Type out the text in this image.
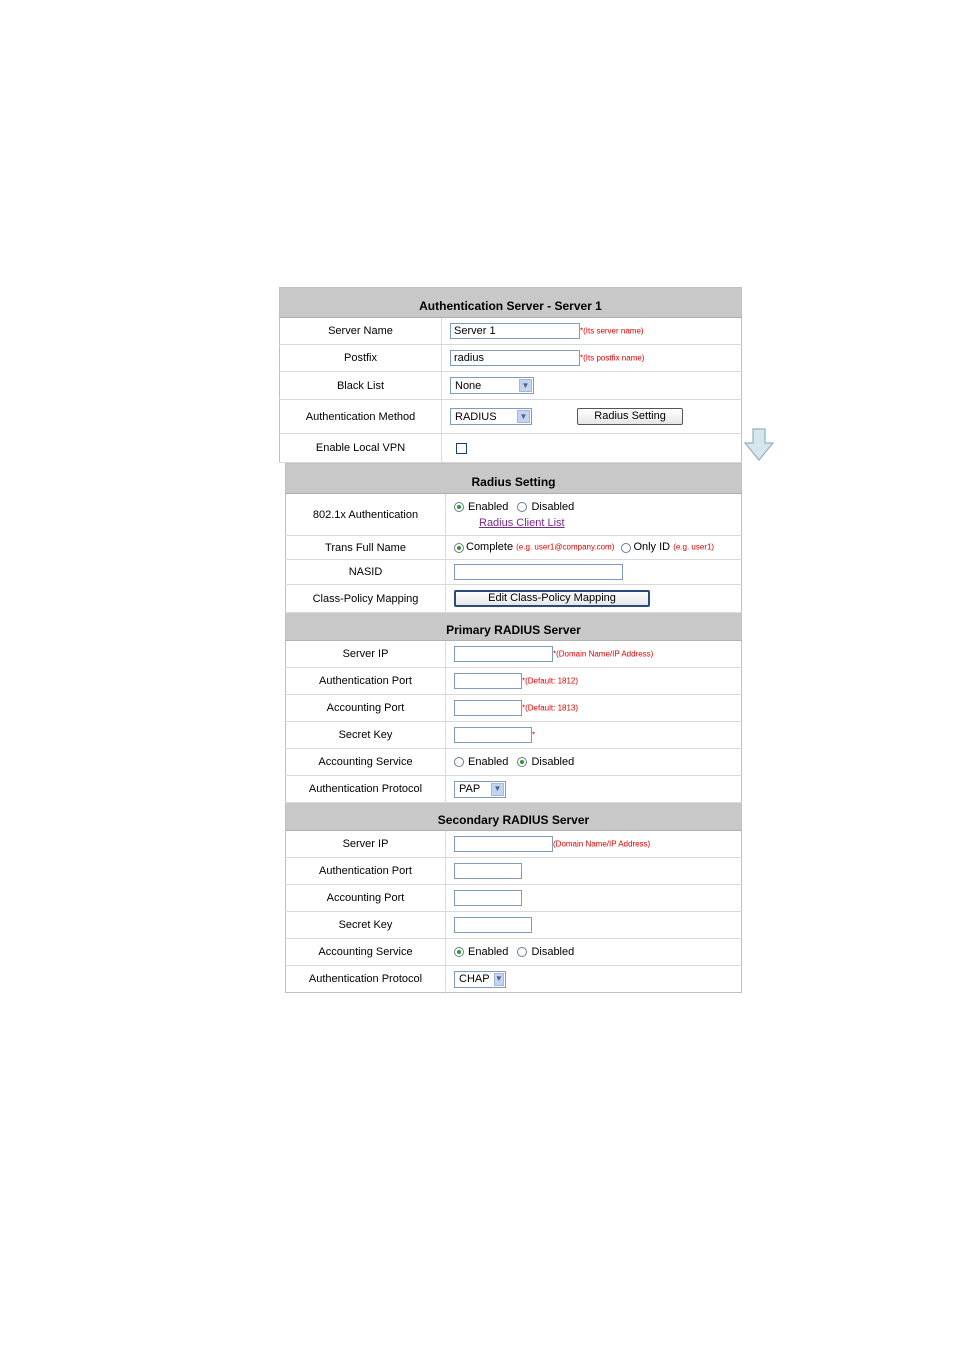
Authentication Server - Server 1	
Server Name	Server 1 *(Its server name)
Postfix	radius *(Its postfix name)
Black List	None ▼

Authentication Method	RADIUS ▼ Radius Setting
Enable Local VPN	
Radius Setting	
802.1x Authentication	Enabled Disabled
Radius Client List

Trans Full Name	Complete (e.g. user1@company.com) Only ID (e.g. user1)
NASID	
Class-Policy Mapping	Edit Class-Policy Mapping
Primary RADIUS Server	
Server IP	*(Domain Name/IP Address)
Authentication Port	*(Default: 1812)
Accounting Port	*(Default: 1813)
Secret Key	*
Accounting Service	Enabled Disabled
Authentication Protocol	PAP ▼

Secondary RADIUS Server	
Server IP	(Domain Name/IP Address)
Authentication Port	
Accounting Port	
Secret Key	
Accounting Service	Enabled Disabled
Authentication Protocol	CHAP ▼
